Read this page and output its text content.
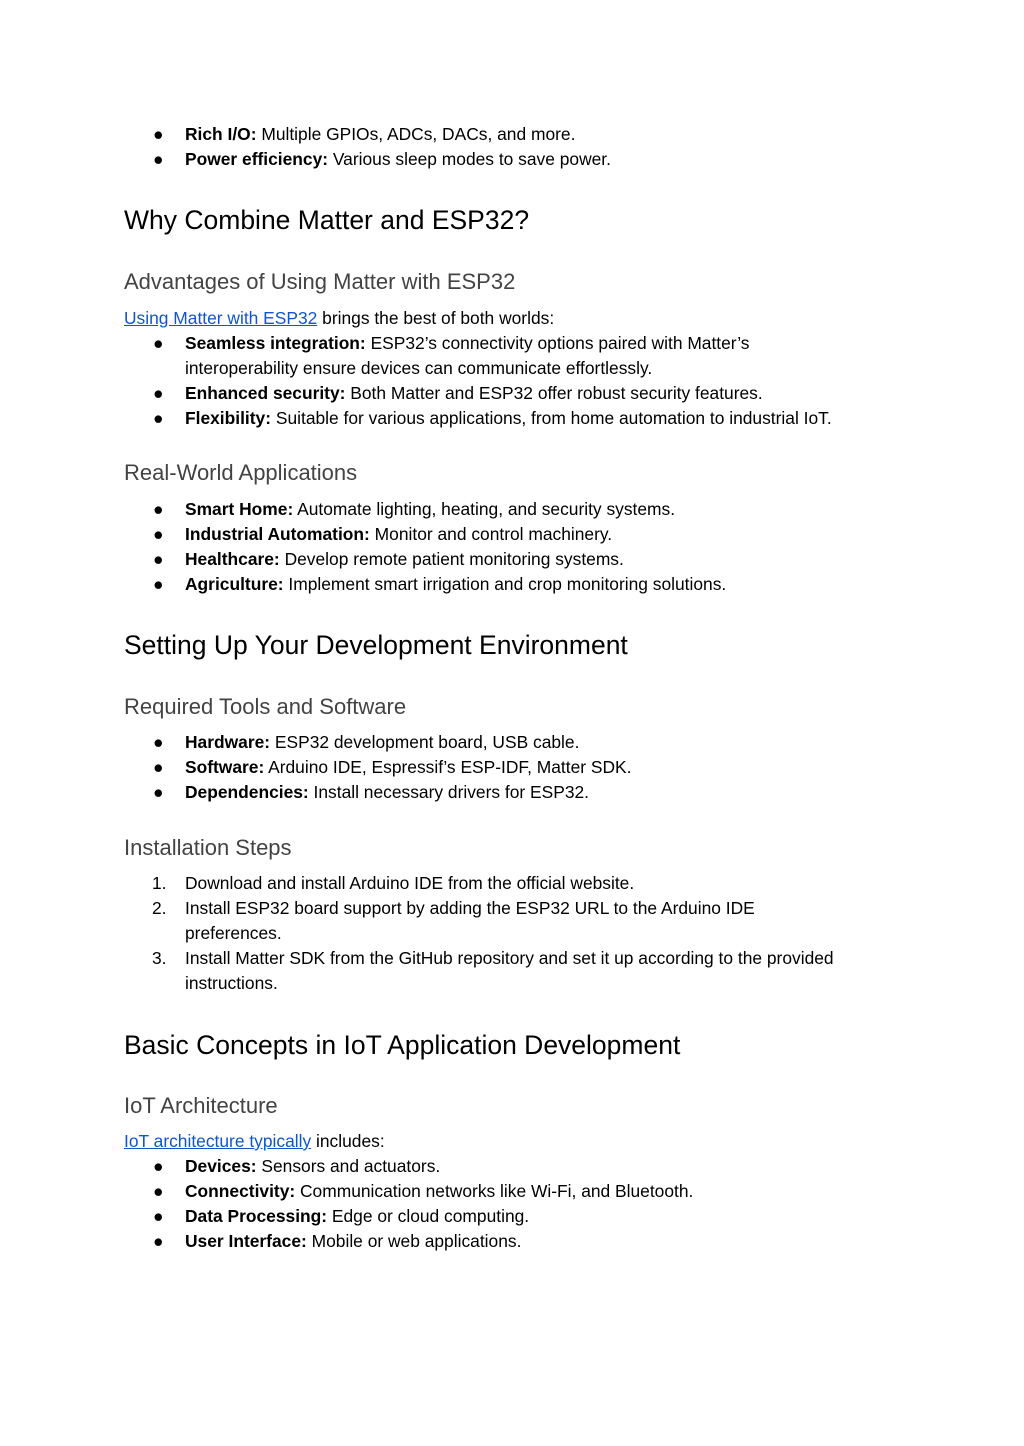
● Rich I/O: Multiple GPIOs, ADCs, DACs, and more.
● Power efficiency: Various sleep modes to save power.
Why Combine Matter and ESP32?
Advantages of Using Matter with ESP32
Using Matter with ESP32 brings the best of both worlds:
● Seamless integration: ESP32’s connectivity options paired with Matter’s
interoperability ensure devices can communicate effortlessly.
● Enhanced security: Both Matter and ESP32 offer robust security features.
● Flexibility: Suitable for various applications, from home automation to industrial IoT.
Real-World Applications
● Smart Home: Automate lighting, heating, and security systems.
● Industrial Automation: Monitor and control machinery.
● Healthcare: Develop remote patient monitoring systems.
● Agriculture: Implement smart irrigation and crop monitoring solutions.
Setting Up Your Development Environment
Required Tools and Software
● Hardware: ESP32 development board, USB cable.
● Software: Arduino IDE, Espressif’s ESP-IDF, Matter SDK.
● Dependencies: Install necessary drivers for ESP32.
Installation Steps
1. Download and install Arduino IDE from the official website.
2. Install ESP32 board support by adding the ESP32 URL to the Arduino IDE
preferences.
3. Install Matter SDK from the GitHub repository and set it up according to the provided
instructions.
Basic Concepts in IoT Application Development
IoT Architecture
IoT architecture typically includes:
● Devices: Sensors and actuators.
● Connectivity: Communication networks like Wi-Fi, and Bluetooth.
● Data Processing: Edge or cloud computing.
● User Interface: Mobile or web applications.
